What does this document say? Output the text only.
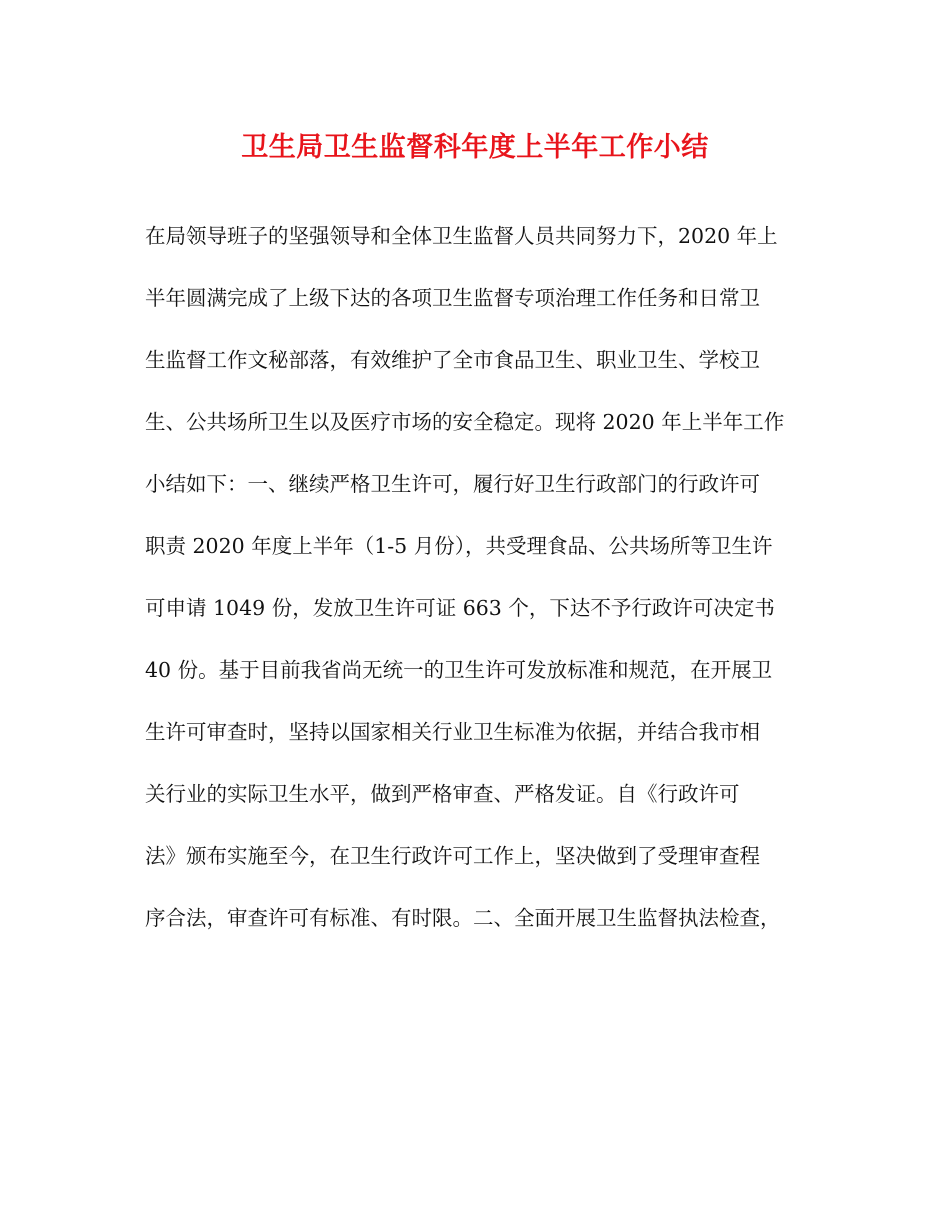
卫生局卫生监督科年度上半年工作小结
在局领导班子的坚强领导和全体卫生监督人员共同努力下，2020 年上
半年圆满完成了上级下达的各项卫生监督专项治理工作任务和日常卫
生监督工作文秘部落，有效维护了全市食品卫生、职业卫生、学校卫
生、公共场所卫生以及医疗市场的安全稳定。现将 2020 年上半年工作
小结如下：一、继续严格卫生许可，履行好卫生行政部门的行政许可
职责 2020 年度上半年（1-5 月份），共受理食品、公共场所等卫生许
可申请 1049 份，发放卫生许可证 663 个，下达不予行政许可决定书
40 份。基于目前我省尚无统一的卫生许可发放标准和规范，在开展卫
生许可审查时，坚持以国家相关行业卫生标准为依据，并结合我市相
关行业的实际卫生水平，做到严格审查、严格发证。自《行政许可
法》颁布实施至今，在卫生行政许可工作上，坚决做到了受理审查程
序合法，审查许可有标准、有时限。二、全面开展卫生监督执法检查，
